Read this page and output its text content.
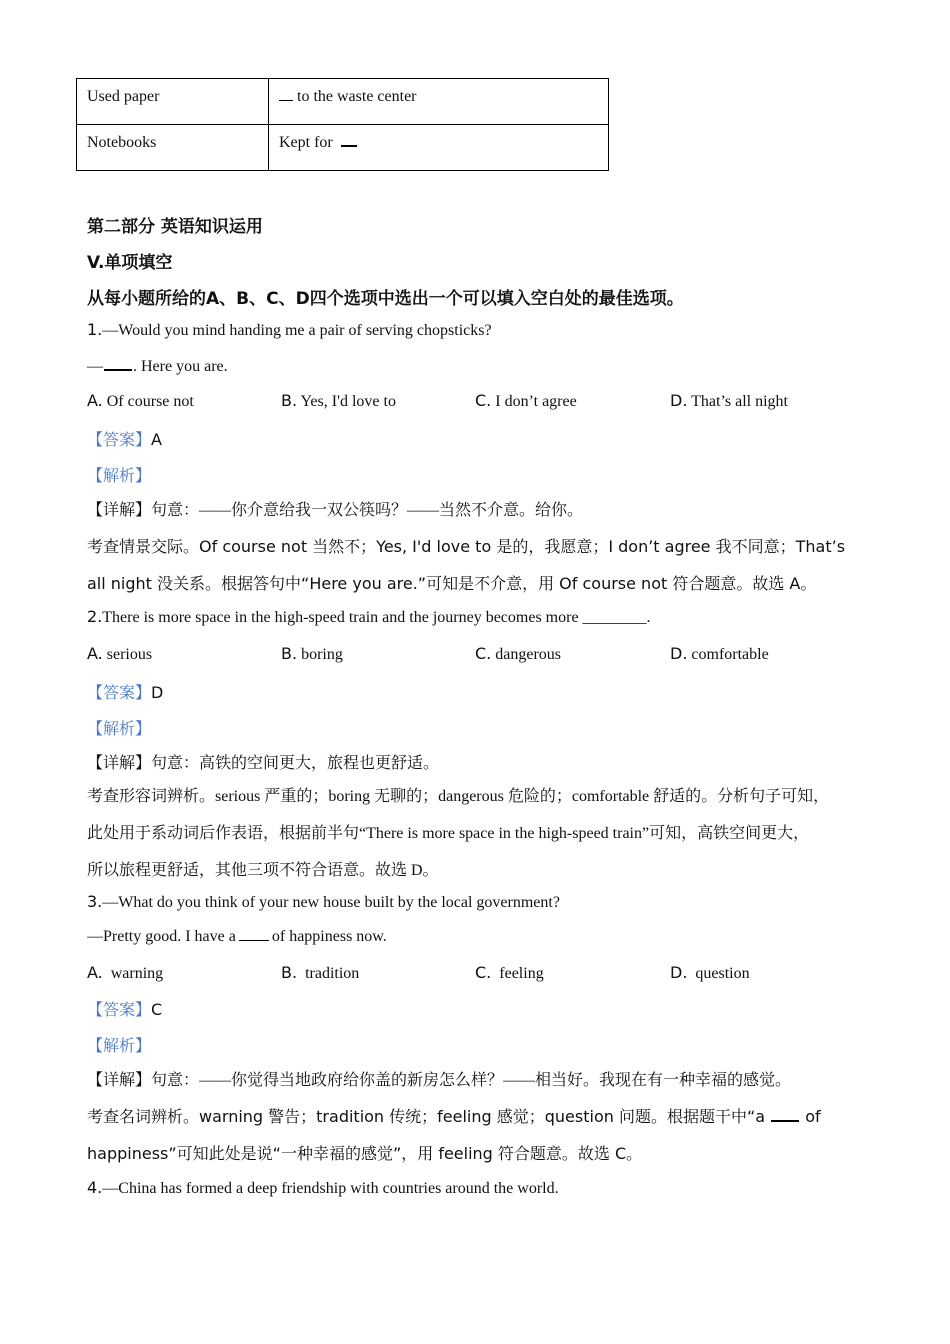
Used paper	to the waste center
Notebooks	Kept for
第二部分 英语知识运用
V.单项填空
从每小题所给的A、B、C、D四个选项中选出一个可以填入空白处的最佳选项。
1.—Would you mind handing me a pair of serving chopsticks?
— . Here you are.
A. Of course not	B. Yes, I'd love to	C. I don’t agree	D. That’s all night
【答案】A
【解析】
【详解】句意：——你介意给我一双公筷吗？——当然不介意。给你。
考查情景交际。Of course not 当然不；Yes, I'd love to 是的，我愿意；I don’t agree 我不同意；That’s
all night 没关系。根据答句中“Here you are.”可知是不介意，用 Of course not 符合题意。故选 A。
2.There is more space in the high-speed train and the journey becomes more ________.
A. serious	B. boring	C. dangerous	D. comfortable
【答案】D
【解析】
【详解】句意：高铁的空间更大，旅程也更舒适。
考查形容词辨析。serious 严重的；boring 无聊的；dangerous 危险的；comfortable 舒适的。分析句子可知，
此处用于系动词后作表语，根据前半句“There is more space in the high-speed train”可知，高铁空间更大，
所以旅程更舒适，其他三项不符合语意。故选 D。
3.—What do you think of your new house built by the local government?
—Pretty good. I have a of happiness now.
A. warning	B. tradition	C. feeling	D. question
【答案】C
【解析】
【详解】句意：——你觉得当地政府给你盖的新房怎么样？——相当好。我现在有一种幸福的感觉。
考查名词辨析。warning 警告；tradition 传统；feeling 感觉；question 问题。根据题干中“a	of
happiness”可知此处是说“一种幸福的感觉”，用 feeling 符合题意。故选 C。
4.—China has formed a deep friendship with countries around the world.
